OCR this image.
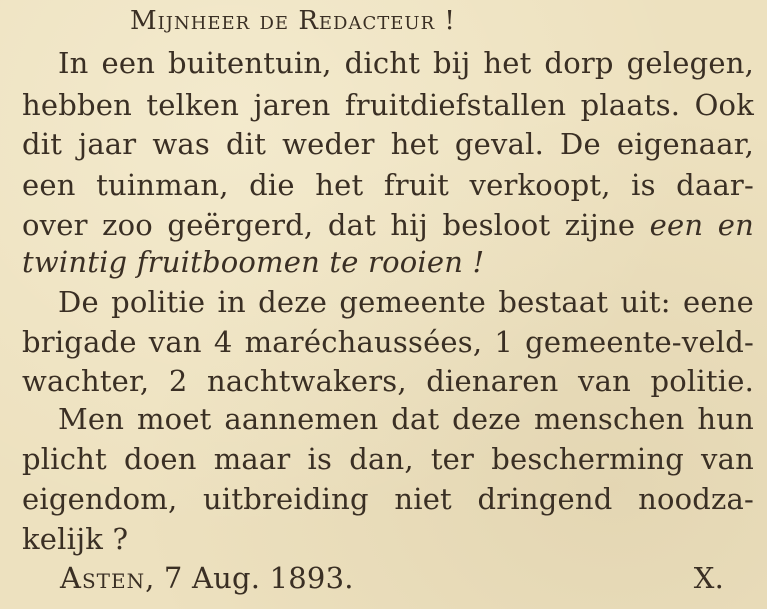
Mijnheer de Redacteur !
In een buitentuin, dicht bij het dorp gelegen,
hebben telken jaren fruitdiefstallen plaats. Ook
dit jaar was dit weder het geval. De eigenaar,
een tuinman, die het fruit verkoopt, is daar-
over zoo geërgerd, dat hij besloot zijne een en
twintig fruitboomen te rooien !
De politie in deze gemeente bestaat uit: eene
brigade van 4 maréchaussées, 1 gemeente-veld-
wachter, 2 nachtwakers, dienaren van politie.
Men moet aannemen dat deze menschen hun
plicht doen maar is dan, ter bescherming van
eigendom, uitbreiding niet dringend noodza-
kelijk ?
Asten, 7 Aug. 1893.	X.
